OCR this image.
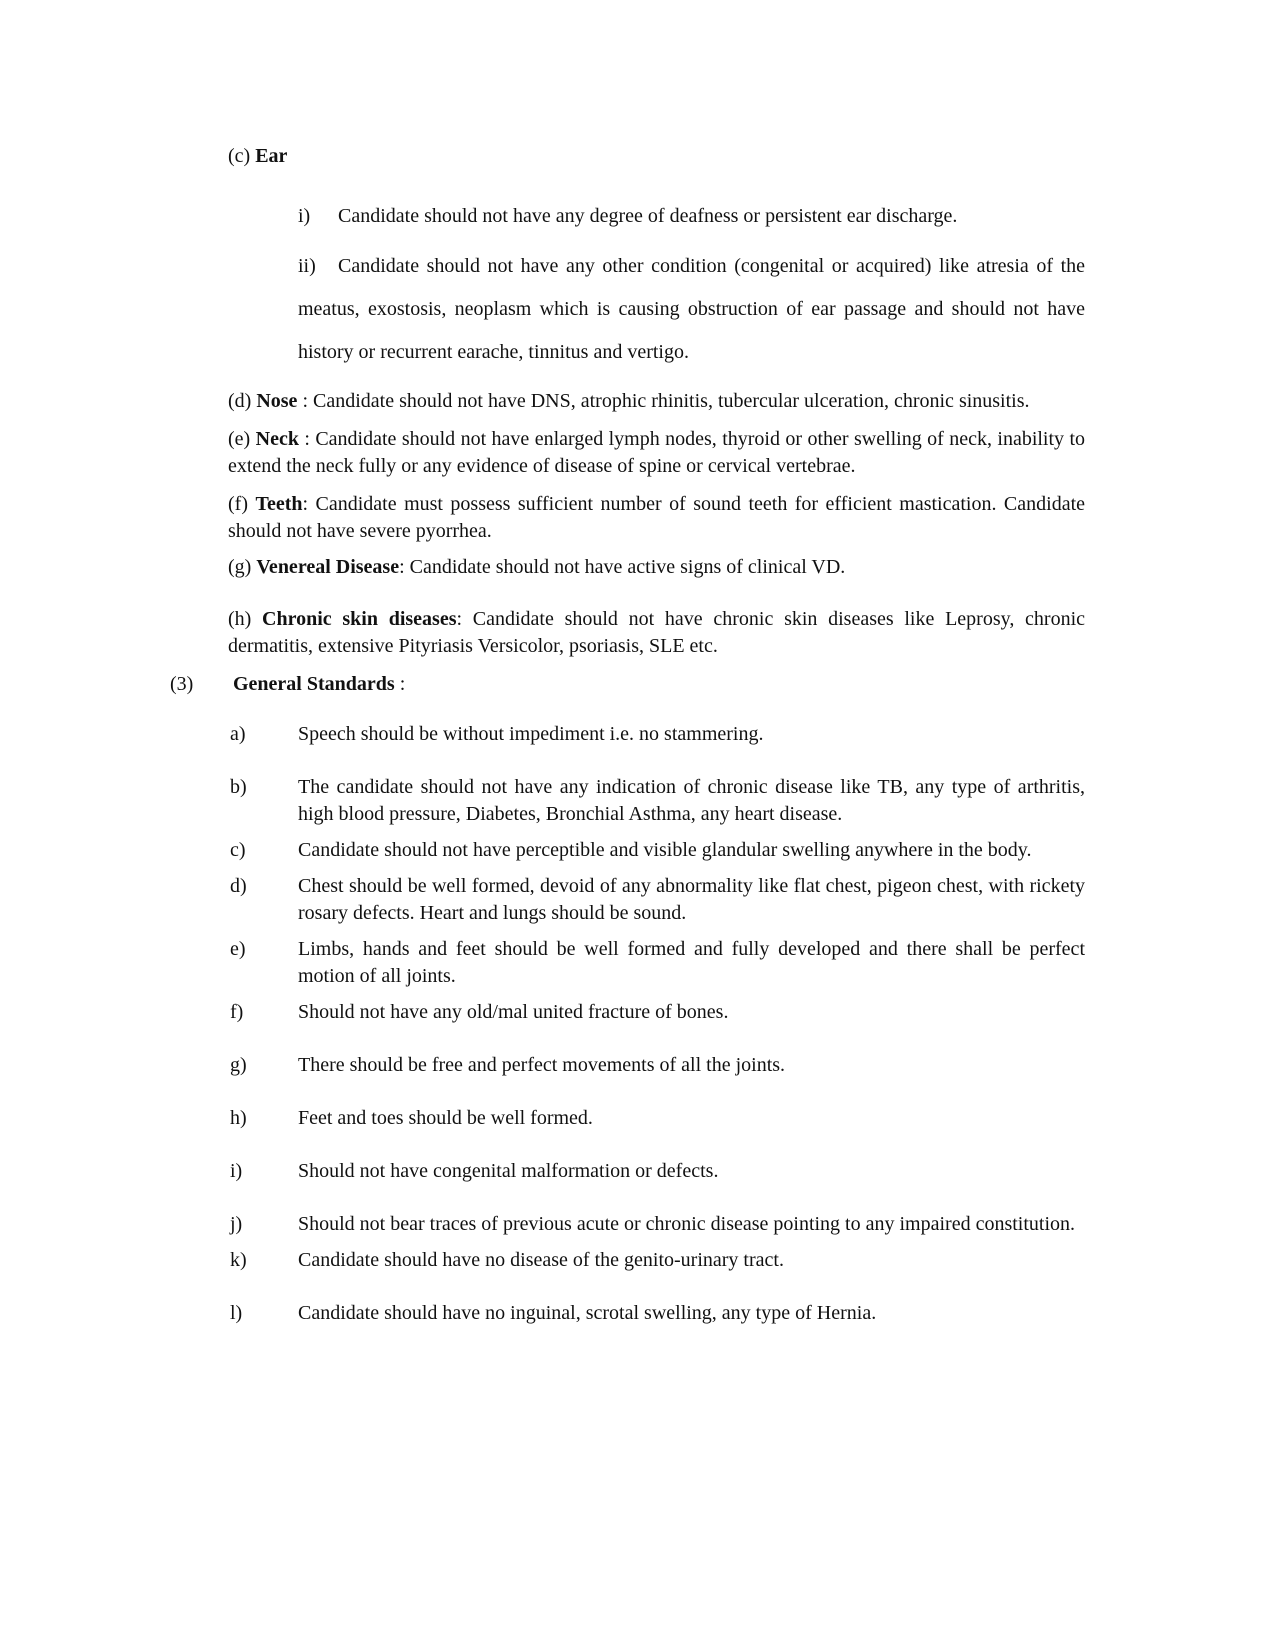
(c) Ear

i) Candidate should not have any degree of deafness or persistent ear discharge.

ii) Candidate should not have any other condition (congenital or acquired) like atresia of the meatus, exostosis, neoplasm which is causing obstruction of ear passage and should not have history or recurrent earache, tinnitus and vertigo.

(d) Nose : Candidate should not have DNS, atrophic rhinitis, tubercular ulceration, chronic sinusitis.

(e) Neck : Candidate should not have enlarged lymph nodes, thyroid or other swelling of neck, inability to extend the neck fully or any evidence of disease of spine or cervical vertebrae.

(f) Teeth: Candidate must possess sufficient number of sound teeth for efficient mastication. Candidate should not have severe pyorrhea.

(g) Venereal Disease: Candidate should not have active signs of clinical VD.

(h) Chronic skin diseases: Candidate should not have chronic skin diseases like Leprosy, chronic dermatitis, extensive Pityriasis Versicolor, psoriasis, SLE etc.

(3)	General Standards :
a)	Speech should be without impediment i.e. no stammering.
b)	The candidate should not have any indication of chronic disease like TB, any type of arthritis, high blood pressure, Diabetes, Bronchial Asthma, any heart disease.
c)	Candidate should not have perceptible and visible glandular swelling anywhere in the body.
d)	Chest should be well formed, devoid of any abnormality like flat chest, pigeon chest, with rickety rosary defects. Heart and lungs should be sound.
e)	Limbs, hands and feet should be well formed and fully developed and there shall be perfect motion of all joints.
f)	Should not have any old/mal united fracture of bones.
g)	There should be free and perfect movements of all the joints.
h)	Feet and toes should be well formed.
i)	Should not have congenital malformation or defects.
j)	Should not bear traces of previous acute or chronic disease pointing to any impaired constitution.
k)	Candidate should have no disease of the genito-urinary tract.
l)	Candidate should have no inguinal, scrotal swelling, any type of Hernia.
